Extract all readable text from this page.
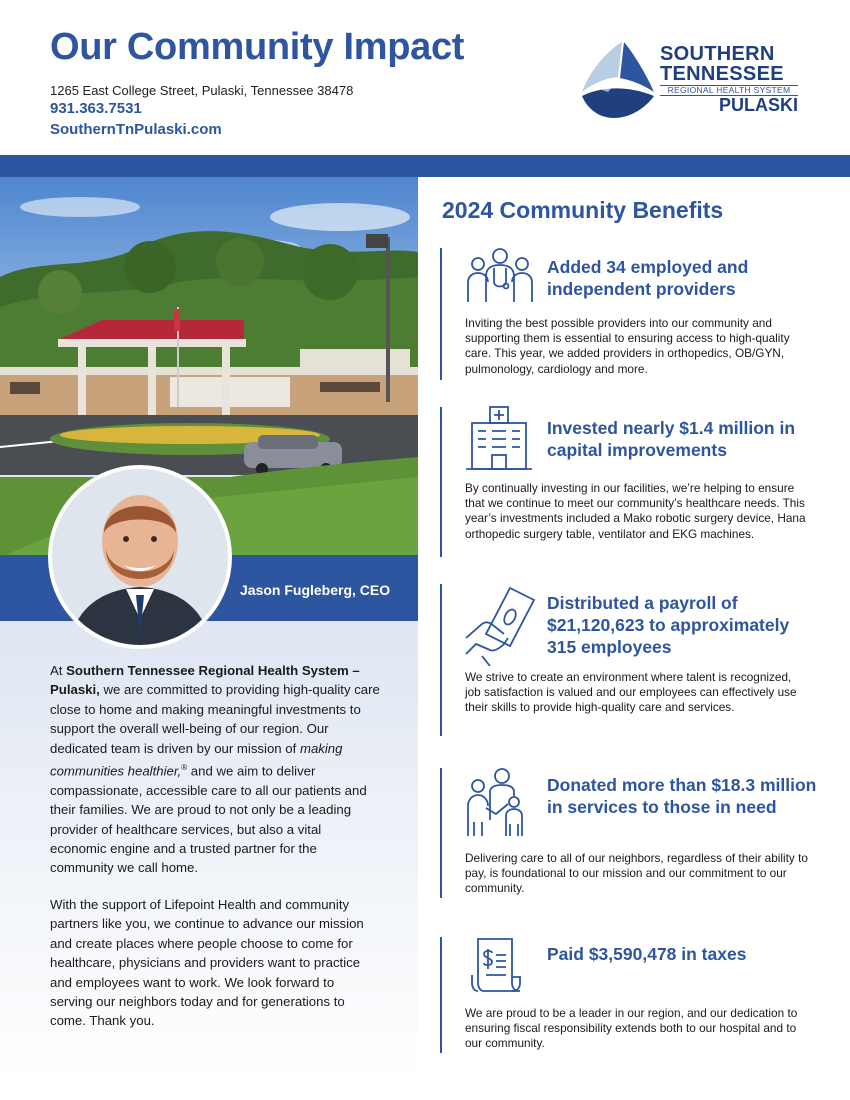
Our Community Impact
1265 East College Street, Pulaski, Tennessee 38478
931.363.7531
SouthernTnPulaski.com
SOUTHERN
TENNESSEE
REGIONAL HEALTH SYSTEM
PULASKI
Jason Fugleberg, CEO

At Southern Tennessee Regional Health System – Pulaski, we are committed to providing high-quality care close to home and making meaningful investments to support the overall well-being of our region. Our dedicated team is driven by our mission of making communities healthier,® and we aim to deliver compassionate, accessible care to all our patients and their families. We are proud to not only be a leading provider of healthcare services, but also a vital economic engine and a trusted partner for the community we call home.

With the support of Lifepoint Health and community partners like you, we continue to advance our mission and create places where people choose to come for healthcare, physicians and providers want to practice and employees want to work. We look forward to serving our neighbors today and for generations to come. Thank you.

2024 Community Benefits
Added 34 employed and independent providers
Inviting the best possible providers into our community and supporting them is essential to ensuring access to high-quality care. This year, we added providers in orthopedics, OB/GYN, pulmonology, cardiology and more.
Invested nearly $1.4 million in capital improvements
By continually investing in our facilities, we’re helping to ensure that we continue to meet our community’s healthcare needs. This year’s investments included a Mako robotic surgery device, Hana orthopedic surgery table, ventilator and EKG machines.
Distributed a payroll of $21,120,623 to approximately 315 employees
We strive to create an environment where talent is recognized, job satisfaction is valued and our employees can effectively use their skills to provide high-quality care and services.
Donated more than $18.3 million in services to those in need
Delivering care to all of our neighbors, regardless of their ability to pay, is foundational to our mission and our commitment to our community.
Paid $3,590,478 in taxes
We are proud to be a leader in our region, and our dedication to ensuring fiscal responsibility extends both to our hospital and to our community.
